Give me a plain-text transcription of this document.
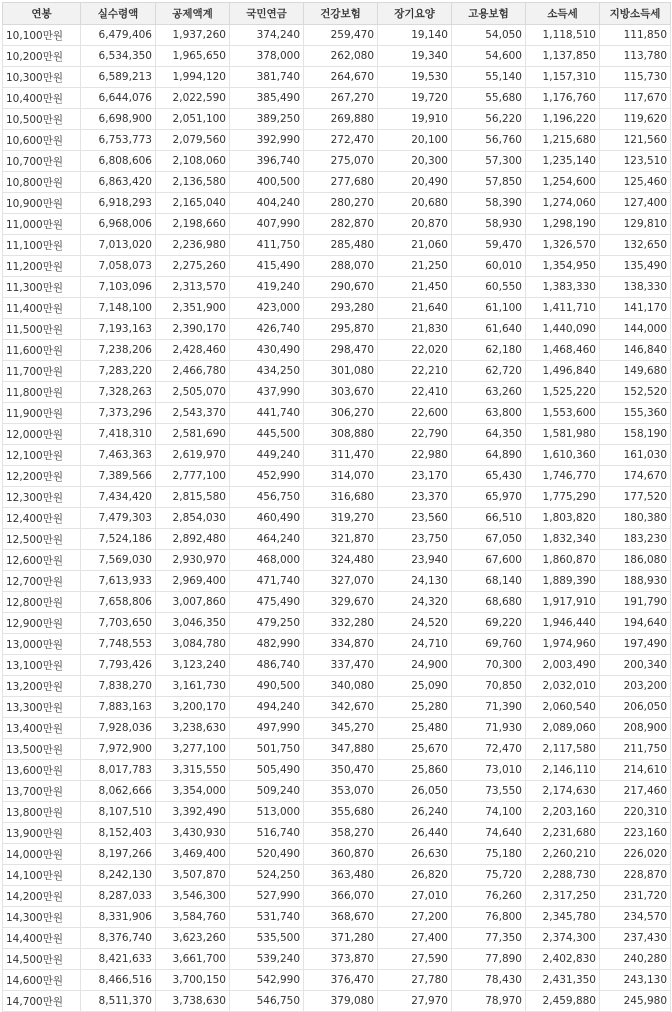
연봉	실수령액	공제액계	국민연금	건강보험	장기요양	고용보험	소득세	지방소득세
10,100만원	6,479,406	1,937,260	374,240	259,470	19,140	54,050	1,118,510	111,850
10,200만원	6,534,350	1,965,650	378,000	262,080	19,340	54,600	1,137,850	113,780
10,300만원	6,589,213	1,994,120	381,740	264,670	19,530	55,140	1,157,310	115,730
10,400만원	6,644,076	2,022,590	385,490	267,270	19,720	55,680	1,176,760	117,670
10,500만원	6,698,900	2,051,100	389,250	269,880	19,910	56,220	1,196,220	119,620
10,600만원	6,753,773	2,079,560	392,990	272,470	20,100	56,760	1,215,680	121,560
10,700만원	6,808,606	2,108,060	396,740	275,070	20,300	57,300	1,235,140	123,510
10,800만원	6,863,420	2,136,580	400,500	277,680	20,490	57,850	1,254,600	125,460
10,900만원	6,918,293	2,165,040	404,240	280,270	20,680	58,390	1,274,060	127,400
11,000만원	6,968,006	2,198,660	407,990	282,870	20,870	58,930	1,298,190	129,810
11,100만원	7,013,020	2,236,980	411,750	285,480	21,060	59,470	1,326,570	132,650
11,200만원	7,058,073	2,275,260	415,490	288,070	21,250	60,010	1,354,950	135,490
11,300만원	7,103,096	2,313,570	419,240	290,670	21,450	60,550	1,383,330	138,330
11,400만원	7,148,100	2,351,900	423,000	293,280	21,640	61,100	1,411,710	141,170
11,500만원	7,193,163	2,390,170	426,740	295,870	21,830	61,640	1,440,090	144,000
11,600만원	7,238,206	2,428,460	430,490	298,470	22,020	62,180	1,468,460	146,840
11,700만원	7,283,220	2,466,780	434,250	301,080	22,210	62,720	1,496,840	149,680
11,800만원	7,328,263	2,505,070	437,990	303,670	22,410	63,260	1,525,220	152,520
11,900만원	7,373,296	2,543,370	441,740	306,270	22,600	63,800	1,553,600	155,360
12,000만원	7,418,310	2,581,690	445,500	308,880	22,790	64,350	1,581,980	158,190
12,100만원	7,463,363	2,619,970	449,240	311,470	22,980	64,890	1,610,360	161,030
12,200만원	7,389,566	2,777,100	452,990	314,070	23,170	65,430	1,746,770	174,670
12,300만원	7,434,420	2,815,580	456,750	316,680	23,370	65,970	1,775,290	177,520
12,400만원	7,479,303	2,854,030	460,490	319,270	23,560	66,510	1,803,820	180,380
12,500만원	7,524,186	2,892,480	464,240	321,870	23,750	67,050	1,832,340	183,230
12,600만원	7,569,030	2,930,970	468,000	324,480	23,940	67,600	1,860,870	186,080
12,700만원	7,613,933	2,969,400	471,740	327,070	24,130	68,140	1,889,390	188,930
12,800만원	7,658,806	3,007,860	475,490	329,670	24,320	68,680	1,917,910	191,790
12,900만원	7,703,650	3,046,350	479,250	332,280	24,520	69,220	1,946,440	194,640
13,000만원	7,748,553	3,084,780	482,990	334,870	24,710	69,760	1,974,960	197,490
13,100만원	7,793,426	3,123,240	486,740	337,470	24,900	70,300	2,003,490	200,340
13,200만원	7,838,270	3,161,730	490,500	340,080	25,090	70,850	2,032,010	203,200
13,300만원	7,883,163	3,200,170	494,240	342,670	25,280	71,390	2,060,540	206,050
13,400만원	7,928,036	3,238,630	497,990	345,270	25,480	71,930	2,089,060	208,900
13,500만원	7,972,900	3,277,100	501,750	347,880	25,670	72,470	2,117,580	211,750
13,600만원	8,017,783	3,315,550	505,490	350,470	25,860	73,010	2,146,110	214,610
13,700만원	8,062,666	3,354,000	509,240	353,070	26,050	73,550	2,174,630	217,460
13,800만원	8,107,510	3,392,490	513,000	355,680	26,240	74,100	2,203,160	220,310
13,900만원	8,152,403	3,430,930	516,740	358,270	26,440	74,640	2,231,680	223,160
14,000만원	8,197,266	3,469,400	520,490	360,870	26,630	75,180	2,260,210	226,020
14,100만원	8,242,130	3,507,870	524,250	363,480	26,820	75,720	2,288,730	228,870
14,200만원	8,287,033	3,546,300	527,990	366,070	27,010	76,260	2,317,250	231,720
14,300만원	8,331,906	3,584,760	531,740	368,670	27,200	76,800	2,345,780	234,570
14,400만원	8,376,740	3,623,260	535,500	371,280	27,400	77,350	2,374,300	237,430
14,500만원	8,421,633	3,661,700	539,240	373,870	27,590	77,890	2,402,830	240,280
14,600만원	8,466,516	3,700,150	542,990	376,470	27,780	78,430	2,431,350	243,130
14,700만원	8,511,370	3,738,630	546,750	379,080	27,970	78,970	2,459,880	245,980
